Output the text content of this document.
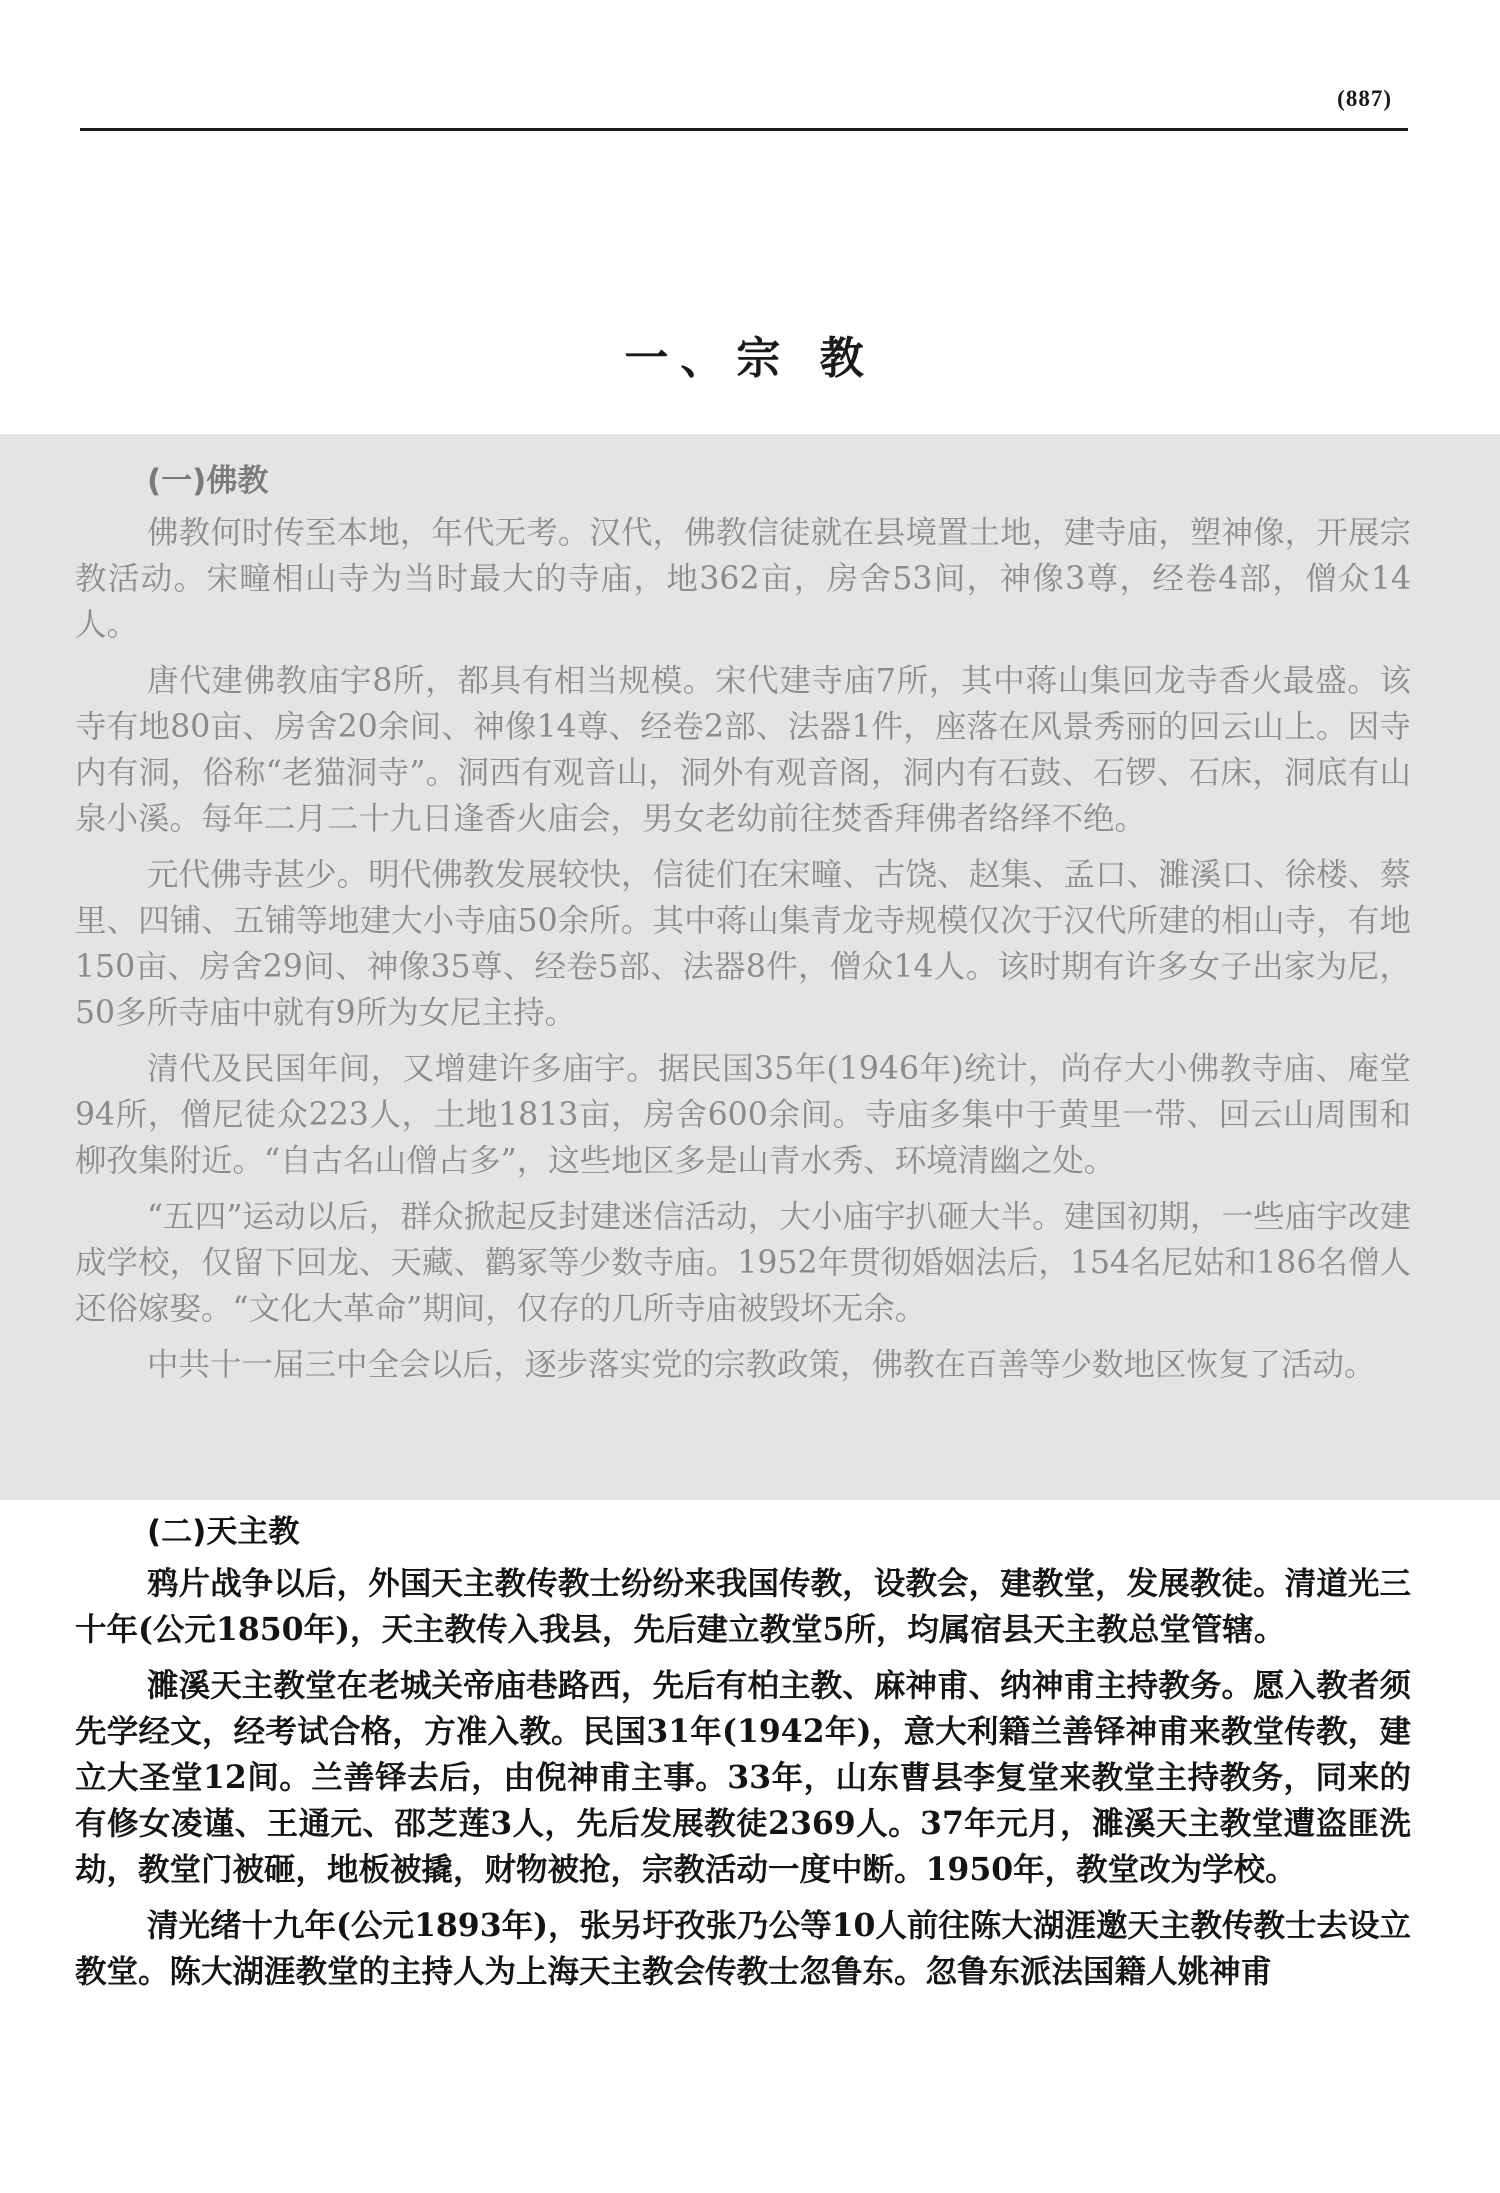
(887)
一、宗 教
(一)佛教

佛教何时传至本地，年代无考。汉代，佛教信徒就在县境置土地，建寺庙，塑神像，开展宗教活动。宋疃相山寺为当时最大的寺庙，地362亩，房舍53间，神像3尊，经卷4部，僧众14人。

唐代建佛教庙宇8所，都具有相当规模。宋代建寺庙7所，其中蒋山集回龙寺香火最盛。该寺有地80亩、房舍20余间、神像14尊、经卷2部、法器1件，座落在风景秀丽的回云山上。因寺内有洞，俗称“老猫洞寺”。洞西有观音山，洞外有观音阁，洞内有石鼓、石锣、石床，洞底有山泉小溪。每年二月二十九日逢香火庙会，男女老幼前往焚香拜佛者络绎不绝。

元代佛寺甚少。明代佛教发展较快，信徒们在宋疃、古饶、赵集、孟口、濉溪口、徐楼、蔡里、四铺、五铺等地建大小寺庙50余所。其中蒋山集青龙寺规模仅次于汉代所建的相山寺，有地150亩、房舍29间、神像35尊、经卷5部、法器8件，僧众14人。该时期有许多女子出家为尼，50多所寺庙中就有9所为女尼主持。

清代及民国年间，又增建许多庙宇。据民国35年(1946年)统计，尚存大小佛教寺庙、庵堂94所，僧尼徒众223人，土地1813亩，房舍600余间。寺庙多集中于黄里一带、回云山周围和柳孜集附近。“自古名山僧占多”，这些地区多是山青水秀、环境清幽之处。

“五四”运动以后，群众掀起反封建迷信活动，大小庙宇扒砸大半。建国初期，一些庙宇改建成学校，仅留下回龙、天藏、鹳冢等少数寺庙。1952年贯彻婚姻法后，154名尼姑和186名僧人还俗嫁娶。“文化大革命”期间，仅存的几所寺庙被毁坏无余。

中共十一届三中全会以后，逐步落实党的宗教政策，佛教在百善等少数地区恢复了活动。

(二)天主教

鸦片战争以后，外国天主教传教士纷纷来我国传教，设教会，建教堂，发展教徒。清道光三十年(公元1850年)，天主教传入我县，先后建立教堂5所，均属宿县天主教总堂管辖。

濉溪天主教堂在老城关帝庙巷路西，先后有柏主教、麻神甫、纳神甫主持教务。愿入教者须先学经文，经考试合格，方准入教。民国31年(1942年)，意大利籍兰善铎神甫来教堂传教，建立大圣堂12间。兰善铎去后，由倪神甫主事。33年，山东曹县李复堂来教堂主持教务，同来的有修女凌谨、王通元、邵芝莲3人，先后发展教徒2369人。37年元月，濉溪天主教堂遭盗匪洗劫，教堂门被砸，地板被撬，财物被抢，宗教活动一度中断。1950年，教堂改为学校。

清光绪十九年(公元1893年)，张另圩孜张乃公等10人前往陈大湖涯邀天主教传教士去设立教堂。陈大湖涯教堂的主持人为上海天主教会传教士忽鲁东。忽鲁东派法国籍人姚神甫
